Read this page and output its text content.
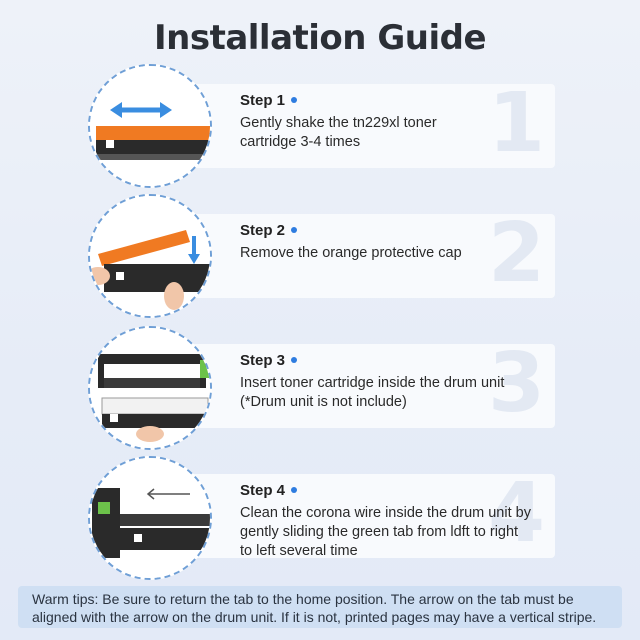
Installation Guide
1
Step 1
Gently shake the tn229xl toner
cartridge 3-4 times
2
Step 2
Remove the orange protective cap
3
Step 3
Insert toner cartridge inside the drum unit
(*Drum unit is not include)
4
Step 4
Clean the corona wire inside the drum unit by
gently sliding the green tab from ldft to right
to left several time
Warm tips: Be sure to return the tab to the home position. The arrow on the tab must be
aligned with the arrow on the drum unit. If it is not, printed pages may have a vertical stripe.
